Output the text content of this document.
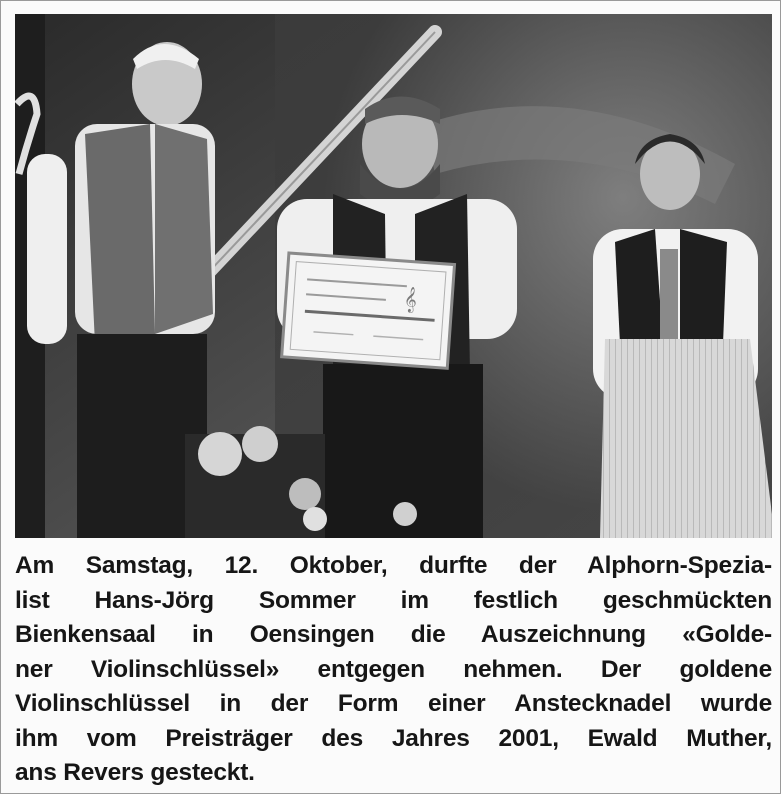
𝄞
Am Samstag, 12. Oktober, durfte der Alphorn-Spezia-
list Hans-Jörg Sommer im festlich geschmückten
Bienkensaal in Oensingen die Auszeichnung «Golde-
ner Violinschlüssel» entgegen nehmen. Der goldene
Violinschlüssel in der Form einer Anstecknadel wurde
ihm vom Preisträger des Jahres 2001, Ewald Muther,
ans Revers gesteckt.
